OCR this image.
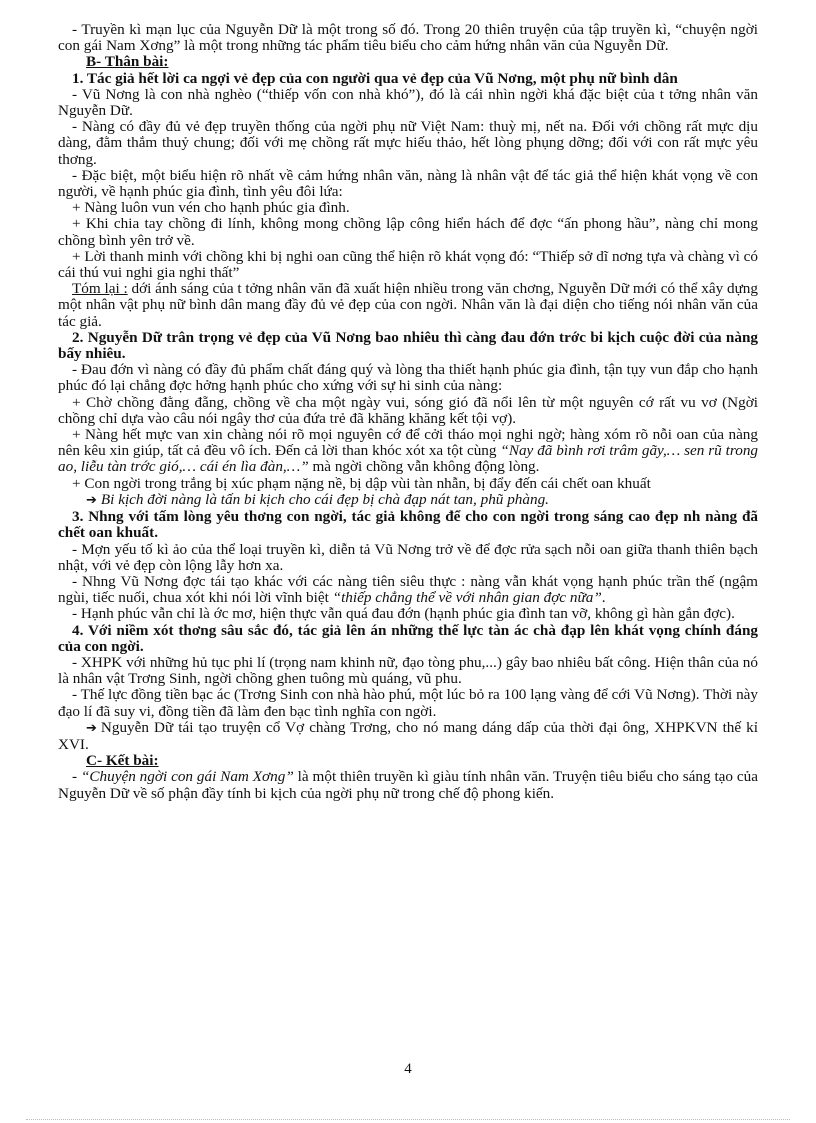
- Truyền kì mạn lục của Nguyễn Dữ là một trong số đó. Trong 20 thiên truyện của tập truyền kì, “chuyện ngời con gái Nam Xơng” là một trong những tác phẩm tiêu biểu cho cảm hứng nhân văn của Nguyễn Dữ.

B- Thân bài:

1. Tác giả hết lời ca ngợi vẻ đẹp của con người qua vẻ đẹp của Vũ Nơng, một phụ nữ bình dân

- Vũ Nơng là con nhà nghèo (“thiếp vốn con nhà khó”), đó là cái nhìn ngời khá đặc biệt của t tởng nhân văn Nguyễn Dữ.

- Nàng có đầy đủ vẻ đẹp truyền thống của ngời phụ nữ Việt Nam: thuỳ mị, nết na. Đối với chồng rất mực dịu dàng, đằm thắm thuỷ chung; đối với mẹ chồng rất mực hiếu thảo, hết lòng phụng dỡng; đối với con rất mực yêu thơng.

- Đặc biệt, một biểu hiện rõ nhất về cảm hứng nhân văn, nàng là nhân vật để tác giả thể hiện khát vọng về con người, về hạnh phúc gia đình, tình yêu đôi lứa:

+ Nàng luôn vun vén cho hạnh phúc gia đình.

+ Khi chia tay chồng đi lính, không mong chồng lập công hiển hách để đợc “ấn phong hầu”, nàng chỉ mong chồng bình yên trở về.

+ Lời thanh minh với chồng khi bị nghi oan cũng thể hiện rõ khát vọng đó: “Thiếp sở dĩ nơng tựa và chàng vì có cái thú vui nghi gia nghi thất”

Tóm lại : dới ánh sáng của t tởng nhân văn đã xuất hiện nhiều trong văn chơng, Nguyễn Dữ mới có thể xây dựng một nhân vật phụ nữ bình dân mang đầy đủ vẻ đẹp của con ngời. Nhân văn là đại diện cho tiếng nói nhân văn của tác giả.

2. Nguyễn Dữ trân trọng vẻ đẹp của Vũ Nơng bao nhiêu thì càng đau đớn trớc bi kịch cuộc đời của nàng bấy nhiêu.

- Đau đớn vì nàng có đầy đủ phẩm chất đáng quý và lòng tha thiết hạnh phúc gia đình, tận tụy vun đắp cho hạnh phúc đó lại chẳng đợc hởng hạnh phúc cho xứng với sự hi sinh của nàng:

+ Chờ chồng đằng đẵng, chồng về cha một ngày vui, sóng gió đã nổi lên từ một nguyên cớ rất vu vơ (Ngời chồng chỉ dựa vào câu nói ngây thơ của đứa trẻ đã khăng khăng kết tội vợ).

+ Nàng hết mực van xin chàng nói rõ mọi nguyên cớ để cởi tháo mọi nghi ngờ; hàng xóm rõ nỗi oan của nàng nên kêu xin giúp, tất cả đều vô ích. Đến cả lời than khóc xót xa tột cùng “Nay đã bình rơi trâm gãy,… sen rũ trong ao, liễu tàn trớc gió,… cái én lìa đàn,…” mà ngời chồng vẫn không động lòng.

+ Con ngời trong trắng bị xúc phạm nặng nề, bị dập vùi tàn nhẫn, bị đẩy đến cái chết oan khuất

➔ Bi kịch đời nàng là tấn bi kịch cho cái đẹp bị chà đạp nát tan, phũ phàng.

3. Nhng với tấm lòng yêu thơng con ngời, tác giả không để cho con ngời trong sáng cao đẹp nh nàng đã chết oan khuất.

- Mợn yếu tố kì ảo của thể loại truyền kì, diễn tả Vũ Nơng trở về để đợc rửa sạch nỗi oan giữa thanh thiên bạch nhật, với vẻ đẹp còn lộng lẫy hơn xa.

- Nhng Vũ Nơng đợc tái tạo khác với các nàng tiên siêu thực : nàng vẫn khát vọng hạnh phúc trần thế (ngậm ngùi, tiếc nuối, chua xót khi nói lời vĩnh biệt “thiếp chẳng thể về với nhân gian đợc nữa”.

- Hạnh phúc vẫn chỉ là ớc mơ, hiện thực vẫn quá đau đớn (hạnh phúc gia đình tan vỡ, không gì hàn gắn đợc).

4. Với niềm xót thơng sâu sắc đó, tác giả lên án những thế lực tàn ác chà đạp lên khát vọng chính đáng của con ngời.

- XHPK với những hủ tục phi lí (trọng nam khinh nữ, đạo tòng phu,...) gây bao nhiêu bất công. Hiện thân của nó là nhân vật Trơng Sinh, ngời chồng ghen tuông mù quáng, vũ phu.

- Thế lực đồng tiền bạc ác (Trơng Sinh con nhà hào phú, một lúc bỏ ra 100 lạng vàng để cới Vũ Nơng). Thời này đạo lí đã suy vi, đồng tiền đã làm đen bạc tình nghĩa con ngời.

➔ Nguyễn Dữ tái tạo truyện cổ Vợ chàng Trơng, cho nó mang dáng dấp của thời đại ông, XHPKVN thế kỉ XVI.

C- Kết bài:

- “Chuyện ngời con gái Nam Xơng” là một thiên truyền kì giàu tính nhân văn. Truyện tiêu biểu cho sáng tạo của Nguyễn Dữ về số phận đầy tính bi kịch của ngời phụ nữ trong chế độ phong kiến.

4
